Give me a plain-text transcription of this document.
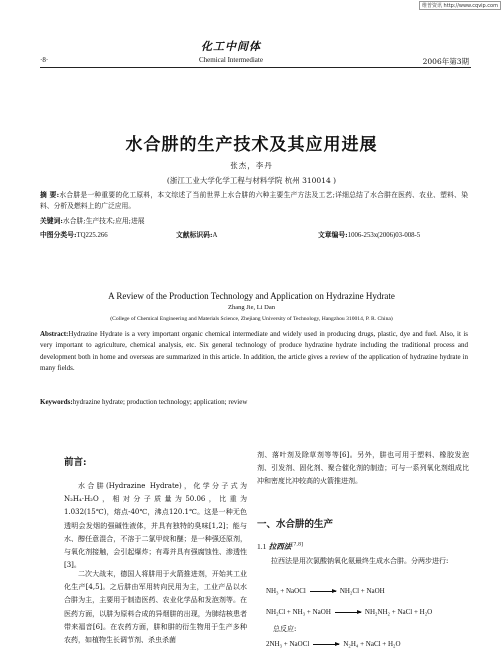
维普资讯 http://www.cqvip.com
·8·
化工中间体
Chemical Intermediate	2006年第3期
水合肼的生产技术及其应用进展
张杰，李丹
(浙江工业大学化学工程与材料学院 杭州 310014 )
摘 要:水合肼是一种重要的化工原料，本文综述了当前世界上水合肼的六种主要生产方法及工艺;详细总结了水合肼在医药、农业、塑料、染料、分析及燃料上的广泛应用。
关键词:水合肼;生产技术;应用;进展
中图分类号:TQ225.266	文献标识码:A	文章编号:1006-253x(2006)03-008-5
A Review of the Production Technology and Application on Hydrazine Hydrate
Zhang Jie, Li Dan
(College of Chemical Engineering and Materials Science, Zhejiang University of Technology, Hangzhou 310014, P. R. China)
Abstract:Hydrazine Hydrate is a very important organic chemical intermediate and widely used in producing drugs, plastic, dye and fuel. Also, it is very important to agriculture, chemical analysis, etc. Six general technology of produce hydrazine hydrate including the traditional process and development both in home and overseas are summarized in this article. In addition, the article gives a review of the application of hydrazine hydrate in many fields.
Keywords:hydrazine hydrate; production technology; application; review
前言:
水合肼(Hydrazine Hydrate)，化学分子式为N₂H₄·H₂O，相对分子质量为50.06，比重为1.032(15℃)，熔点-40℃，沸点120.1℃。这是一种无色透明会发烟的强碱性液体，并具有独特的臭味[1,2]；能与水、醇任意混合，不溶于二氯甲烷和醚；是一种强还原剂，与氧化剂接触，会引起爆炸；有毒并具有强腐蚀性、渗透性[3]。
二次大战末，德国人将肼用于火箭推进剂，开始其工业化生产[4,5]。之后肼由军用转向民用为主，工业产品以水合肼为主，主要用于制造医药、农业化学品和发泡剂等。在医药方面，以肼为原料合成的异烟肼的出现，为肺结核患者带来福音[6]。在农药方面，肼和肼的衍生物用于生产多种农药，如植物生长调节剂、杀虫杀菌
剂、落叶剂及除草剂等等[6]。另外，肼也可用于塑料、橡胶发泡剂、引发剂、固化剂、聚合催化剂的制造；可与一系列氧化剂组成比冲和密度比冲较高的火箭推进剂。
一、水合肼的生产
1.1 拉西法[7,8]
拉西法是用次氯酸钠氧化氨最终生成水合肼。分两步进行:
NH₃ + NaOCl → NH₂Cl + NaOH
NH₂Cl + NH₃ + NaOH → NH₂NH₂ + NaCl + H₂O
总反应:
2NH₃ + NaOCl → N₂H₄ + NaCl + H₂O
